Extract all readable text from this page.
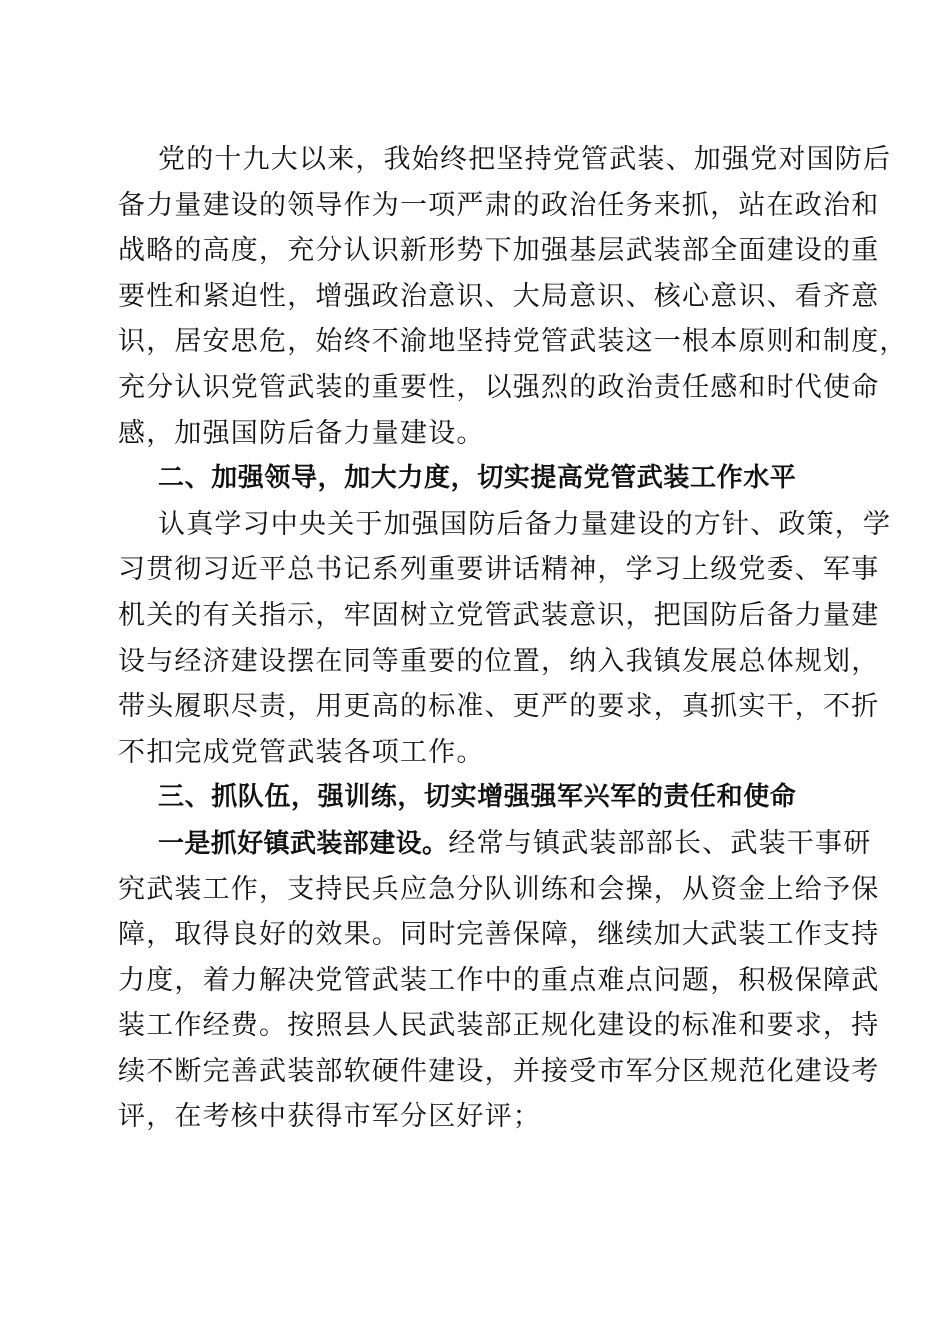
党的十九大以来，我始终把坚持党管武装、加强党对国防后
备力量建设的领导作为一项严肃的政治任务来抓，站在政治和
战略的高度，充分认识新形势下加强基层武装部全面建设的重
要性和紧迫性，增强政治意识、大局意识、核心意识、看齐意
识，居安思危，始终不渝地坚持党管武装这一根本原则和制度，
充分认识党管武装的重要性，以强烈的政治责任感和时代使命
感，加强国防后备力量建设。
二、加强领导，加大力度，切实提高党管武装工作水平
认真学习中央关于加强国防后备力量建设的方针、政策，学
习贯彻习近平总书记系列重要讲话精神，学习上级党委、军事
机关的有关指示，牢固树立党管武装意识，把国防后备力量建
设与经济建设摆在同等重要的位置，纳入我镇发展总体规划，
带头履职尽责，用更高的标准、更严的要求，真抓实干，不折
不扣完成党管武装各项工作。
三、抓队伍，强训练，切实增强强军兴军的责任和使命
一是抓好镇武装部建设。经常与镇武装部部长、武装干事研
究武装工作，支持民兵应急分队训练和会操，从资金上给予保
障，取得良好的效果。同时完善保障，继续加大武装工作支持
力度，着力解决党管武装工作中的重点难点问题，积极保障武
装工作经费。按照县人民武装部正规化建设的标准和要求，持
续不断完善武装部软硬件建设，并接受市军分区规范化建设考
评，在考核中获得市军分区好评；
